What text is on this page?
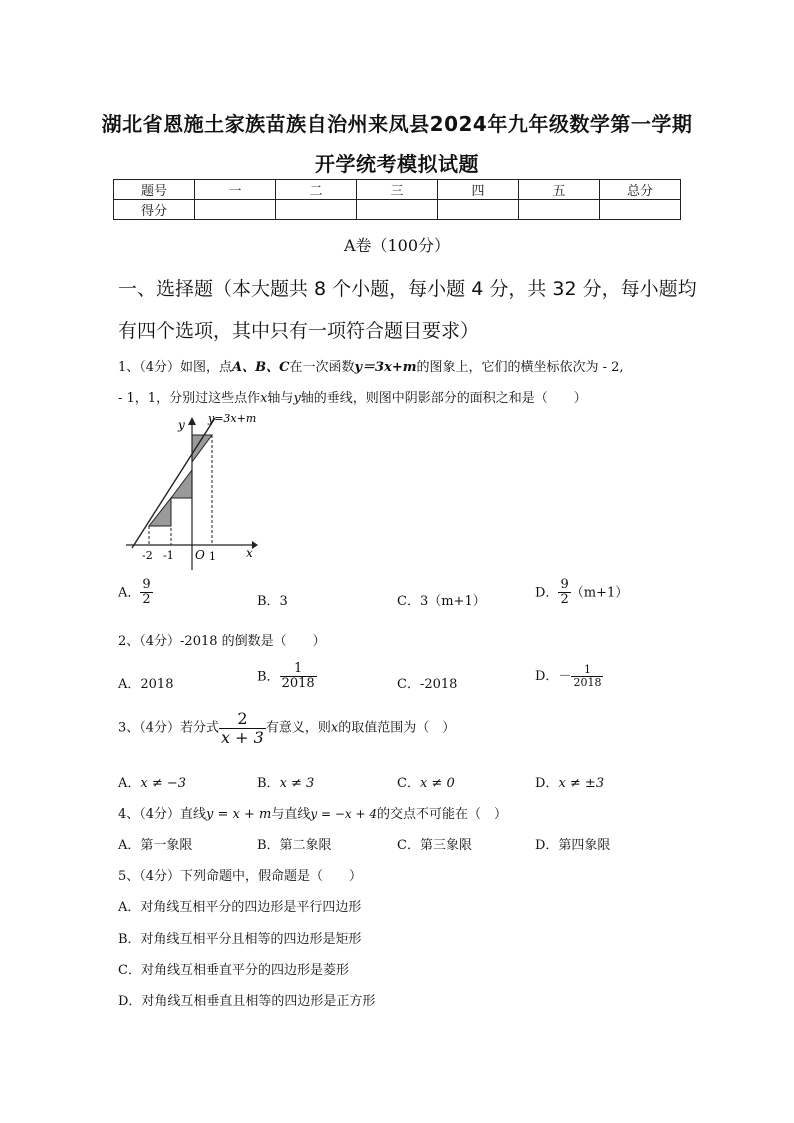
湖北省恩施土家族苗族自治州来凤县2024年九年级数学第一学期
开学统考模拟试题
题号	一	二	三	四	五	总分
得分						
A卷（100分）
一、选择题（本大题共 8 个小题，每小题 4 分，共 32 分，每小题均
有四个选项，其中只有一项符合题目要求）
1、（4分）如图，点A、B、C在一次函数y＝3x+m的图象上，它们的横坐标依次为 - 2,
- 1，1，分别过这些点作x轴与y轴的垂线，则图中阴影部分的面积之和是（　　）
y=3x+m
y
x
O
-2 -1	1
A． $\frac{9}{2}$	B．3	C．3（m+1）
D． $\frac{9}{2} (m+1)$
2、（4分）-2018 的倒数是（　　）
A．2018
B． $\frac{1}{2018}$	C．-2018
D．－ $\frac{1}{2018}$
3、（4分）若分式 $\frac{2}{x + 3}$ 有意义，则x的取值范围为（　）
A．x ≠ −3	B．x ≠ 3	C．x ≠ 0	D．x ≠ ±3
4、（4分）直线y = x + m与直线y = −x + 4的交点不可能在（　）
A．第一象限	B．第二象限	C．第三象限	D．第四象限
5、（4分）下列命题中，假命题是（　　）
A．对角线互相平分的四边形是平行四边形
B．对角线互相平分且相等的四边形是矩形
C．对角线互相垂直平分的四边形是菱形
D．对角线互相垂直且相等的四边形是正方形
